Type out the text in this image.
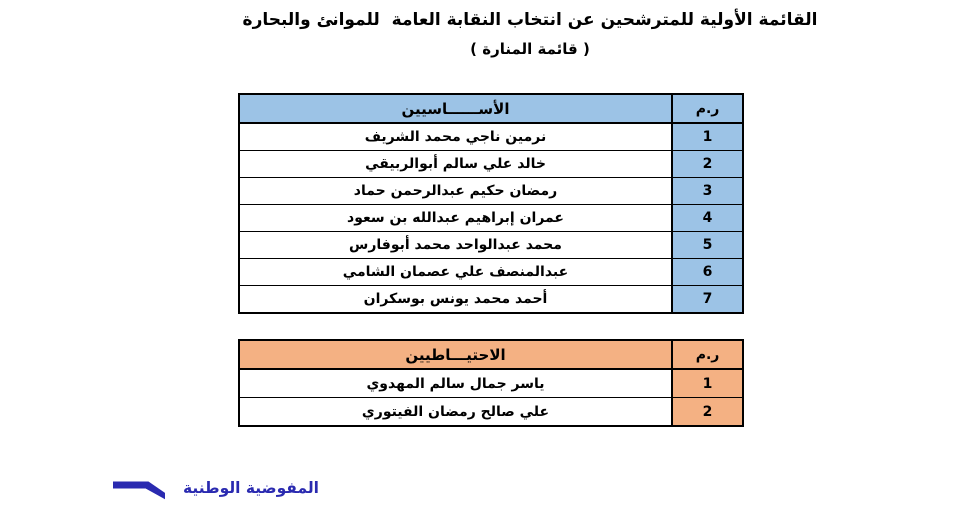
القائمة الأولية للمترشحين عن انتخاب النقابة العامة  للموانئ والبحارة
( قائمة المنارة )
ر.م
الأســــــاسيين
1
نرمين ناجي محمد الشريف
2
خالد علي سالم أبوالربيقي
3
رمضان حكيم عبدالرحمن حماد
4
عمران إبراهيم عبدالله بن سعود
5
محمد عبدالواحد محمد أبوفارس
6
عبدالمنصف علي عصمان الشامي
7
أحمد محمد يونس بوسكران
ر.م
الاحتيـــاطيين
1
ياسر جمال سالم المهدوي
2
علي صالح رمضان الفيتوري
المفوضية الوطنية
